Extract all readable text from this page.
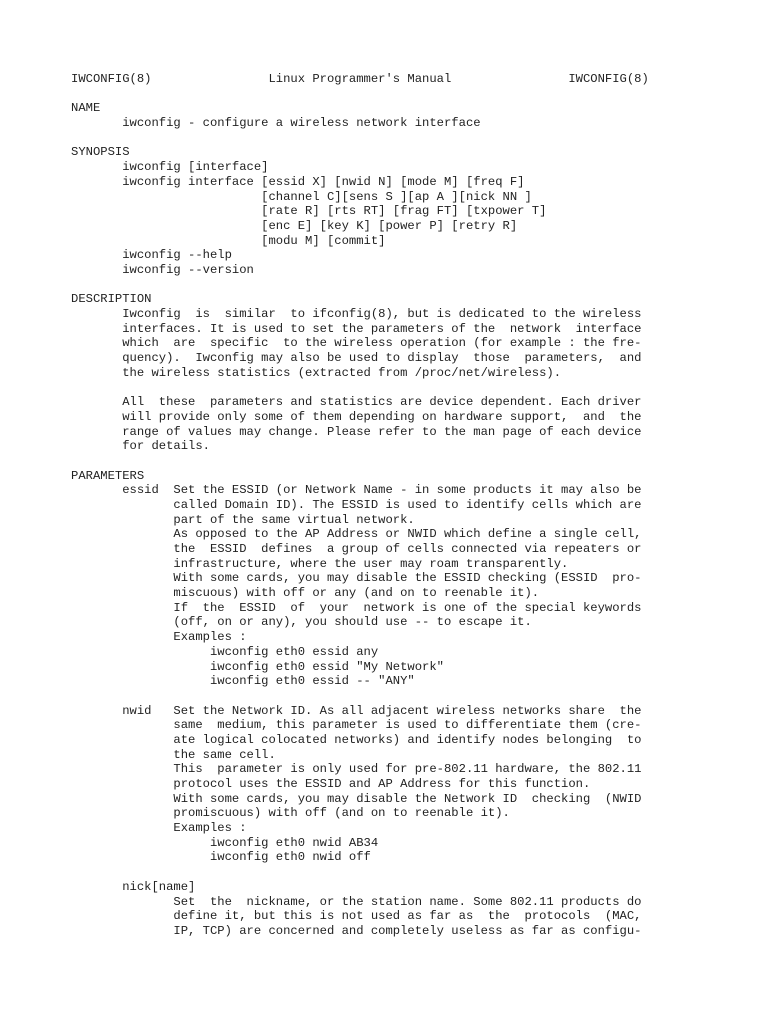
IWCONFIG(8)                Linux Programmer's Manual                IWCONFIG(8)
NAME
iwconfig - configure a wireless network interface
SYNOPSIS
iwconfig [interface]
iwconfig interface [essid X] [nwid N] [mode M] [freq F]
[channel C][sens S ][ap A ][nick NN ]
[rate R] [rts RT] [frag FT] [txpower T]
[enc E] [key K] [power P] [retry R]
[modu M] [commit]
iwconfig --help
iwconfig --version
DESCRIPTION
Iwconfig  is  similar  to ifconfig(8), but is dedicated to the wireless
interfaces. It is used to set the parameters of the  network  interface
which  are  specific  to the wireless operation (for example : the fre-
quency).  Iwconfig may also be used to display  those  parameters,  and
the wireless statistics (extracted from /proc/net/wireless).
All  these  parameters and statistics are device dependent. Each driver
will provide only some of them depending on hardware support,  and  the
range of values may change. Please refer to the man page of each device
for details.
PARAMETERS
essid  Set the ESSID (or Network Name - in some products it may also be
called Domain ID). The ESSID is used to identify cells which are
part of the same virtual network.
As opposed to the AP Address or NWID which define a single cell,
the  ESSID  defines  a group of cells connected via repeaters or
infrastructure, where the user may roam transparently.
With some cards, you may disable the ESSID checking (ESSID  pro-
miscuous) with off or any (and on to reenable it).
If  the  ESSID  of  your  network is one of the special keywords
(off, on or any), you should use -- to escape it.
Examples :
iwconfig eth0 essid any
iwconfig eth0 essid "My Network"
iwconfig eth0 essid -- "ANY"
nwid   Set the Network ID. As all adjacent wireless networks share  the
same  medium, this parameter is used to differentiate them (cre-
ate logical colocated networks) and identify nodes belonging  to
the same cell.
This  parameter is only used for pre-802.11 hardware, the 802.11
protocol uses the ESSID and AP Address for this function.
With some cards, you may disable the Network ID  checking  (NWID
promiscuous) with off (and on to reenable it).
Examples :
iwconfig eth0 nwid AB34
iwconfig eth0 nwid off
nick[name]
Set  the  nickname, or the station name. Some 802.11 products do
define it, but this is not used as far as  the  protocols  (MAC,
IP, TCP) are concerned and completely useless as far as configu-
